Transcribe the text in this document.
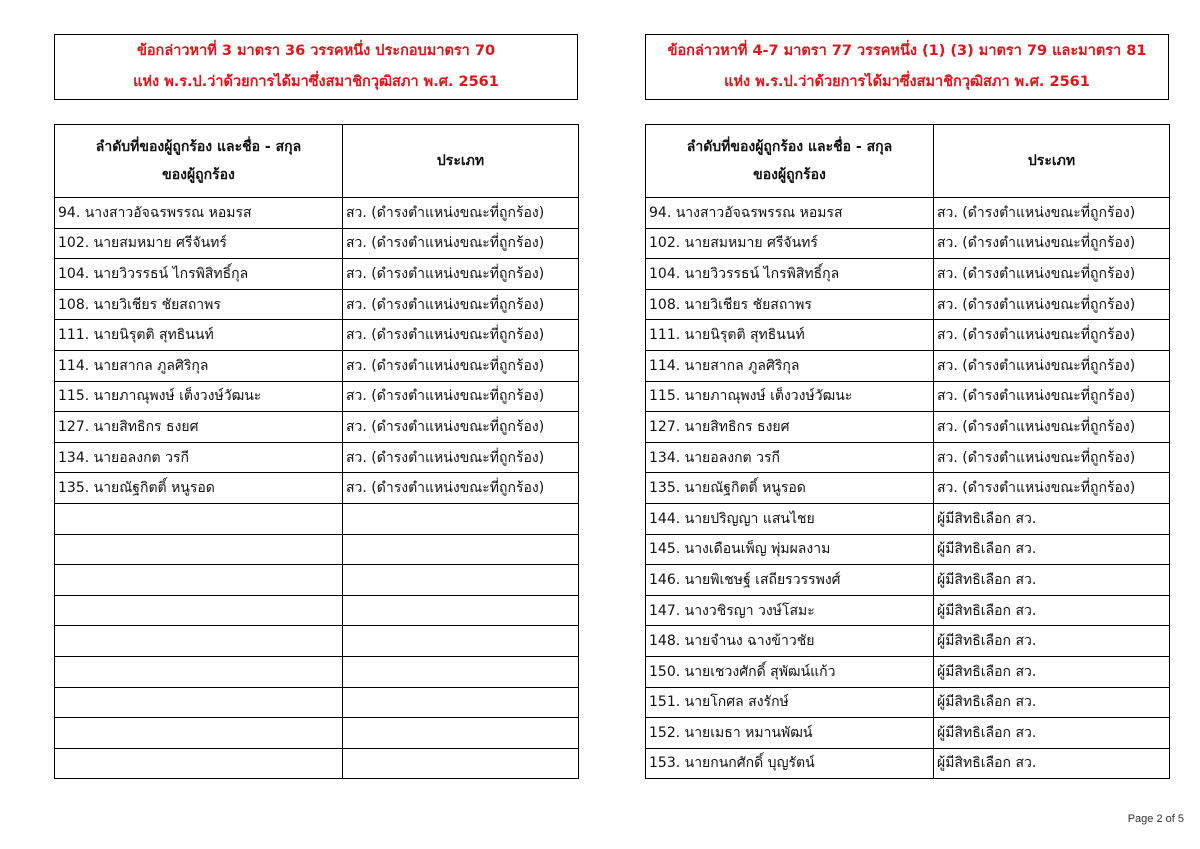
ข้อกล่าวหาที่ 3 มาตรา 36 วรรคหนึ่ง ประกอบมาตรา 70
แห่ง พ.ร.ป.ว่าด้วยการได้มาซึ่งสมาชิกวุฒิสภา พ.ศ. 2561
ลำดับที่ของผู้ถูกร้อง และชื่อ - สกุล
ของผู้ถูกร้อง	ประเภท
94. นางสาวอัจฉรพรรณ หอมรส	สว. (ดำรงตำแหน่งขณะที่ถูกร้อง)
102. นายสมหมาย ศรีจันทร์	สว. (ดำรงตำแหน่งขณะที่ถูกร้อง)
104. นายวิวรรธน์ ไกรพิสิทธิ์กุล	สว. (ดำรงตำแหน่งขณะที่ถูกร้อง)
108. นายวิเชียร ชัยสถาพร	สว. (ดำรงตำแหน่งขณะที่ถูกร้อง)
111. นายนิรุตติ สุทธินนท์	สว. (ดำรงตำแหน่งขณะที่ถูกร้อง)
114. นายสากล ภูลศิริกุล	สว. (ดำรงตำแหน่งขณะที่ถูกร้อง)
115. นายภาณุพงษ์ เต็งวงษ์วัฒนะ	สว. (ดำรงตำแหน่งขณะที่ถูกร้อง)
127. นายสิทธิกร ธงยศ	สว. (ดำรงตำแหน่งขณะที่ถูกร้อง)
134. นายอลงกต วรกี	สว. (ดำรงตำแหน่งขณะที่ถูกร้อง)
135. นายณัฐกิตติ์ หนูรอด	สว. (ดำรงตำแหน่งขณะที่ถูกร้อง)

ข้อกล่าวหาที่ 4-7 มาตรา 77 วรรคหนึ่ง (1) (3) มาตรา 79 และมาตรา 81
แห่ง พ.ร.ป.ว่าด้วยการได้มาซึ่งสมาชิกวุฒิสภา พ.ศ. 2561
ลำดับที่ของผู้ถูกร้อง และชื่อ - สกุล
ของผู้ถูกร้อง	ประเภท
94. นางสาวอัจฉรพรรณ หอมรส	สว. (ดำรงตำแหน่งขณะที่ถูกร้อง)
102. นายสมหมาย ศรีจันทร์	สว. (ดำรงตำแหน่งขณะที่ถูกร้อง)
104. นายวิวรรธน์ ไกรพิสิทธิ์กุล	สว. (ดำรงตำแหน่งขณะที่ถูกร้อง)
108. นายวิเชียร ชัยสถาพร	สว. (ดำรงตำแหน่งขณะที่ถูกร้อง)
111. นายนิรุตติ สุทธินนท์	สว. (ดำรงตำแหน่งขณะที่ถูกร้อง)
114. นายสากล ภูลศิริกุล	สว. (ดำรงตำแหน่งขณะที่ถูกร้อง)
115. นายภาณุพงษ์ เต็งวงษ์วัฒนะ	สว. (ดำรงตำแหน่งขณะที่ถูกร้อง)
127. นายสิทธิกร ธงยศ	สว. (ดำรงตำแหน่งขณะที่ถูกร้อง)
134. นายอลงกต วรกี	สว. (ดำรงตำแหน่งขณะที่ถูกร้อง)
135. นายณัฐกิตติ์ หนูรอด	สว. (ดำรงตำแหน่งขณะที่ถูกร้อง)
144. นายปริญญา แสนไชย	ผู้มีสิทธิเลือก สว.
145. นางเดือนเพ็ญ พุ่มผลงาม	ผู้มีสิทธิเลือก สว.
146. นายพิเชษฐ์ เสถียรวรรพงศ์	ผู้มีสิทธิเลือก สว.
147. นางวชิรญา วงษ์โสมะ	ผู้มีสิทธิเลือก สว.
148. นายจำนง ฉางข้าวชัย	ผู้มีสิทธิเลือก สว.
150. นายเชวงศักดิ์ สุพัฒน์แก้ว	ผู้มีสิทธิเลือก สว.
151. นายโกศล สงรักษ์	ผู้มีสิทธิเลือก สว.
152. นายเมธา หมานพัฒน์	ผู้มีสิทธิเลือก สว.
153. นายกนกศักดิ์ บุญรัตน์	ผู้มีสิทธิเลือก สว.
Page 2 of 5
